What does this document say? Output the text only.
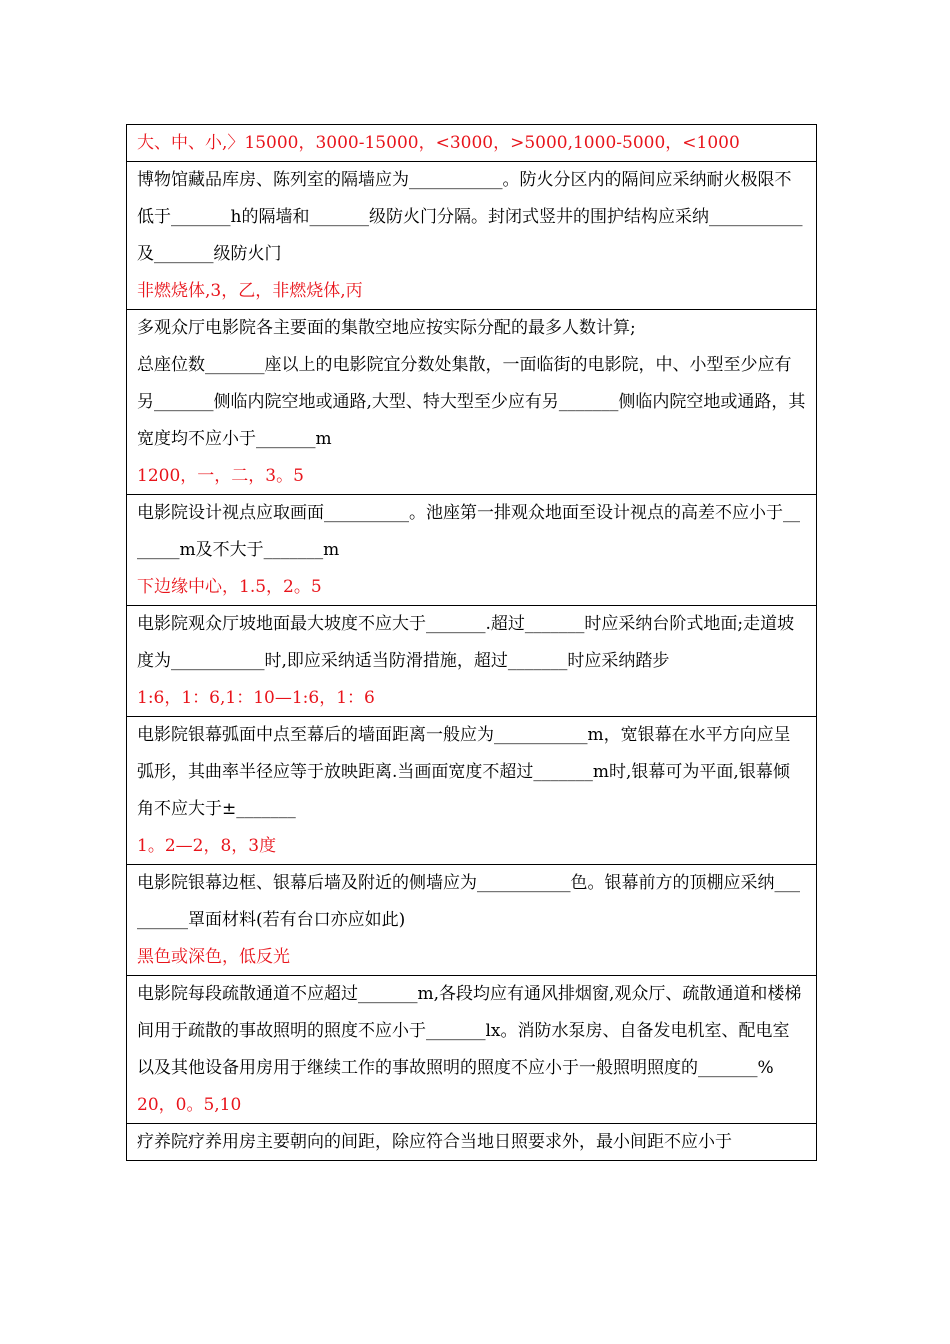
大、中、小,〉15000，3000-15000，<3000，>5000,1000-5000，<1000

博物馆藏品库房、陈列室的隔墙应为___________。防火分区内的隔间应采纳耐火极限不低于_______h的隔墙和_______级防火门分隔。封闭式竖井的围护结构应采纳___________及_______级防火门
非燃烧体,3，乙，非燃烧体,丙

多观众厅电影院各主要面的集散空地应按实际分配的最多人数计算;
总座位数_______座以上的电影院宜分数处集散，一面临街的电影院，中、小型至少应有另_______侧临内院空地或通路,大型、特大型至少应有另_______侧临内院空地或通路，其宽度均不应小于_______m
1200，一，二，3。5

电影院设计视点应取画面__________。池座第一排观众地面至设计视点的高差不应小于_______m及不大于_______m
下边缘中心，1.5，2。5

电影院观众厅坡地面最大坡度不应大于_______.超过_______时应采纳台阶式地面;走道坡度为___________时,即应采纳适当防滑措施，超过_______时应采纳踏步
1:6，1：6,1：10—1:6，1：6

电影院银幕弧面中点至幕后的墙面距离一般应为___________m，宽银幕在水平方向应呈弧形，其曲率半径应等于放映距离.当画面宽度不超过_______m时,银幕可为平面,银幕倾角不应大于±_______
1。2—2，8，3度

电影院银幕边框、银幕后墙及附近的侧墙应为___________色。银幕前方的顶棚应采纳_________罩面材料(若有台口亦应如此)
黑色或深色，低反光

电影院每段疏散通道不应超过_______m,各段均应有通风排烟窗,观众厅、疏散通道和楼梯间用于疏散的事故照明的照度不应小于_______lx。消防水泵房、自备发电机室、配电室以及其他设备用房用于继续工作的事故照明的照度不应小于一般照明照度的_______%
20，0。5,10

疗养院疗养用房主要朝向的间距，除应符合当地日照要求外，最小间距不应小于
